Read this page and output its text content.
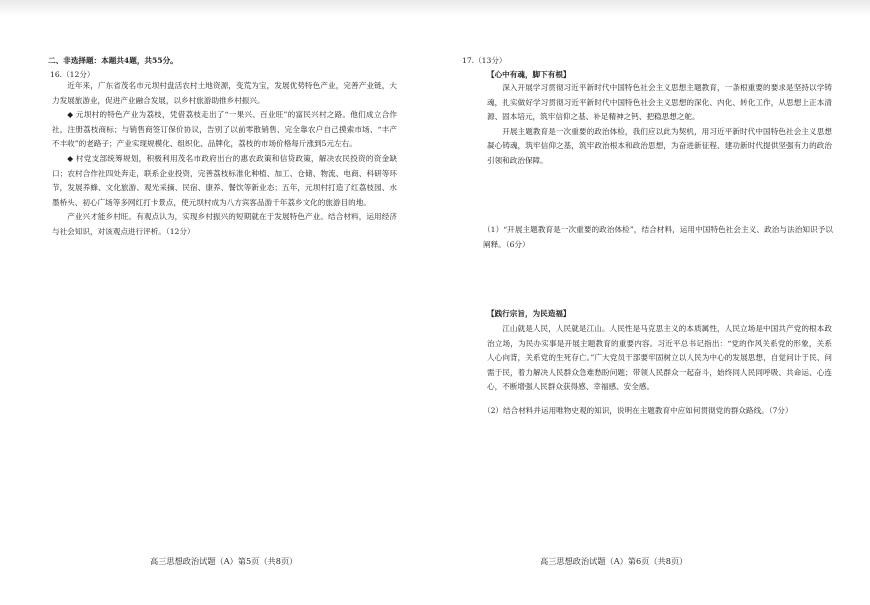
二、非选择题：本题共4题，共55分。
16.（12分）

近年来，广东省茂名市元坝村盘活农村土地资源，变荒为宝，发展优势特色产业，完善产业链，大力发展旅游业，促进产业融合发展，以乡村旅游助推乡村振兴。

◆ 元坝村的特色产业为荔枝，凭借荔枝走出了“一果兴、百业旺”的富民兴村之路。他们成立合作社，注册荔枝商标；与销售商签订保价协议，告别了以前零散销售、完全靠农户自己摸索市场、“丰产不丰收”的老路子；产业实现规模化、组织化、品牌化，荔枝的市场价格每斤涨到5元左右。

◆ 村党支部统筹规划，积极利用茂名市政府出台的惠农政策和信贷政策，解决农民投资的资金缺口；农村合作社四处奔走，联系企业投资，完善荔枝标准化种植、加工、仓储、物流、电商、科研等环节，发展养蜂、文化旅游、观光采摘、民宿、康养、餐饮等新业态；五年，元坝村打造了红荔枝园、水墨桥头、初心广场等多网红打卡景点，使元坝村成为八方宾客品游千年荔乡文化的旅游目的地。

产业兴才能乡村旺。有观点认为，实现乡村振兴的短期就在于发展特色产业。结合材料，运用经济与社会知识，对该观点进行评析。（12分）

高三思想政治试题（A）第5页（共8页）
17.（13分）
【心中有魂，脚下有根】

深入开展学习贯彻习近平新时代中国特色社会主义思想主题教育，一条根重要的要求是坚持以学铸魂，扎实做好学习贯彻习近平新时代中国特色社会主义思想的深化、内化、转化工作，从思想上正本清源、固本培元，筑牢信仰之基、补足精神之钙、把稳思想之舵。

开展主题教育是一次重要的政治体检，我们应以此为契机，用习近平新时代中国特色社会主义思想凝心铸魂，筑牢信仰之基，筑牢政治根本和政治思想，为奋进新征程、建功新时代提供坚强有力的政治引领和政治保障。

（1）“开展主题教育是一次重要的政治体检”，结合材料，运用中国特色社会主义、政治与法治知识予以阐释。（6分）
【践行宗旨，为民造福】

江山就是人民，人民就是江山。人民性是马克思主义的本质属性，人民立场是中国共产党的根本政治立场，为民办实事是开展主题教育的重要内容。习近平总书记指出：“党的作风关系党的形象，关系人心向背，关系党的生死存亡。”广大党员干部要牢固树立以人民为中心的发展思想，自觉问计于民、问需于民，着力解决人民群众急难愁盼问题；带领人民群众一起奋斗，始终同人民同呼吸、共命运、心连心，不断增强人民群众获得感、幸福感、安全感。

（2）结合材料并运用唯物史观的知识，说明在主题教育中应如何贯彻党的群众路线。（7分）
高三思想政治试题（A）第6页（共8页）
